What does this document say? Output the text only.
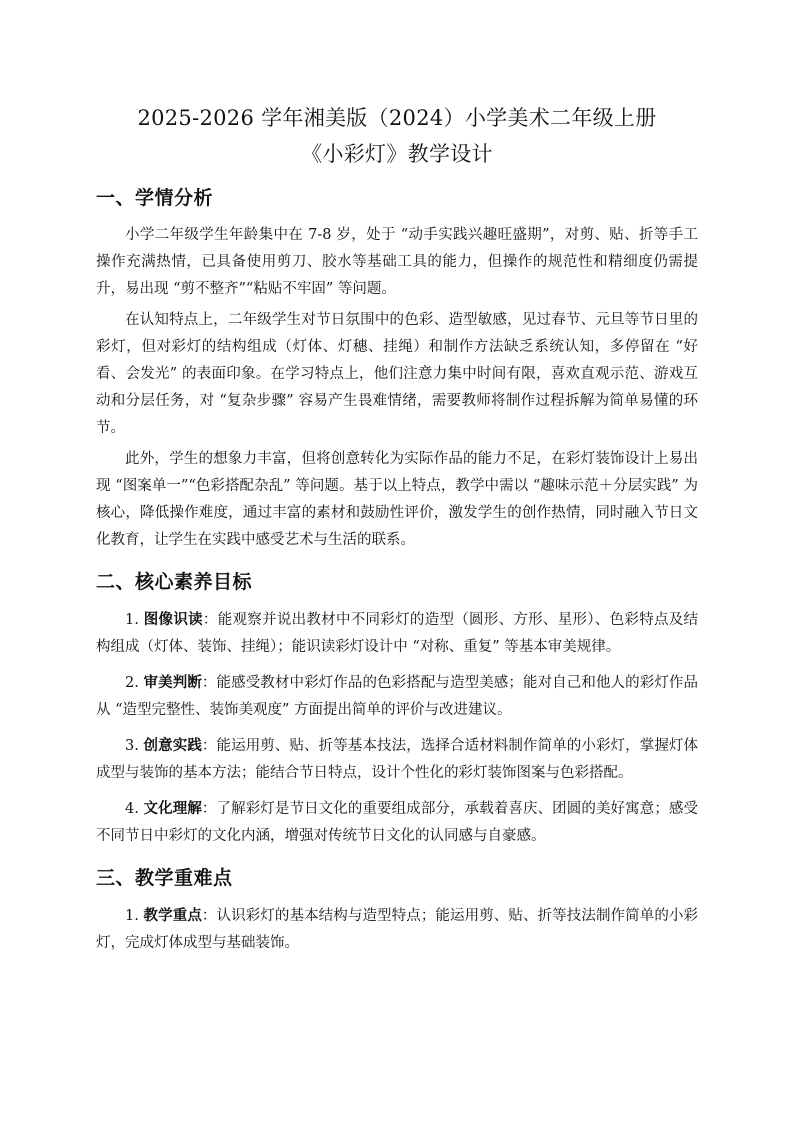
2025-2026 学年湘美版（2024）小学美术二年级上册
《小彩灯》教学设计
一、学情分析

小学二年级学生年龄集中在 7-8 岁，处于 “动手实践兴趣旺盛期”，对剪、贴、折等手工操作充满热情，已具备使用剪刀、胶水等基础工具的能力，但操作的规范性和精细度仍需提升，易出现 “剪不整齐”“粘贴不牢固” 等问题。

在认知特点上，二年级学生对节日氛围中的色彩、造型敏感，见过春节、元旦等节日里的彩灯，但对彩灯的结构组成（灯体、灯穗、挂绳）和制作方法缺乏系统认知，多停留在 “好看、会发光” 的表面印象。在学习特点上，他们注意力集中时间有限，喜欢直观示范、游戏互动和分层任务，对 “复杂步骤” 容易产生畏难情绪，需要教师将制作过程拆解为简单易懂的环节。

此外，学生的想象力丰富，但将创意转化为实际作品的能力不足，在彩灯装饰设计上易出现 “图案单一”“色彩搭配杂乱” 等问题。基于以上特点，教学中需以 “趣味示范＋分层实践” 为核心，降低操作难度，通过丰富的素材和鼓励性评价，激发学生的创作热情，同时融入节日文化教育，让学生在实践中感受艺术与生活的联系。

二、核心素养目标

1. 图像识读：能观察并说出教材中不同彩灯的造型（圆形、方形、星形）、色彩特点及结构组成（灯体、装饰、挂绳）；能识读彩灯设计中 “对称、重复” 等基本审美规律。

2. 审美判断：能感受教材中彩灯作品的色彩搭配与造型美感；能对自己和他人的彩灯作品从 “造型完整性、装饰美观度” 方面提出简单的评价与改进建议。

3. 创意实践：能运用剪、贴、折等基本技法，选择合适材料制作简单的小彩灯，掌握灯体成型与装饰的基本方法；能结合节日特点，设计个性化的彩灯装饰图案与色彩搭配。

4. 文化理解：了解彩灯是节日文化的重要组成部分，承载着喜庆、团圆的美好寓意；感受不同节日中彩灯的文化内涵，增强对传统节日文化的认同感与自豪感。

三、教学重难点

1. 教学重点：认识彩灯的基本结构与造型特点；能运用剪、贴、折等技法制作简单的小彩灯，完成灯体成型与基础装饰。
